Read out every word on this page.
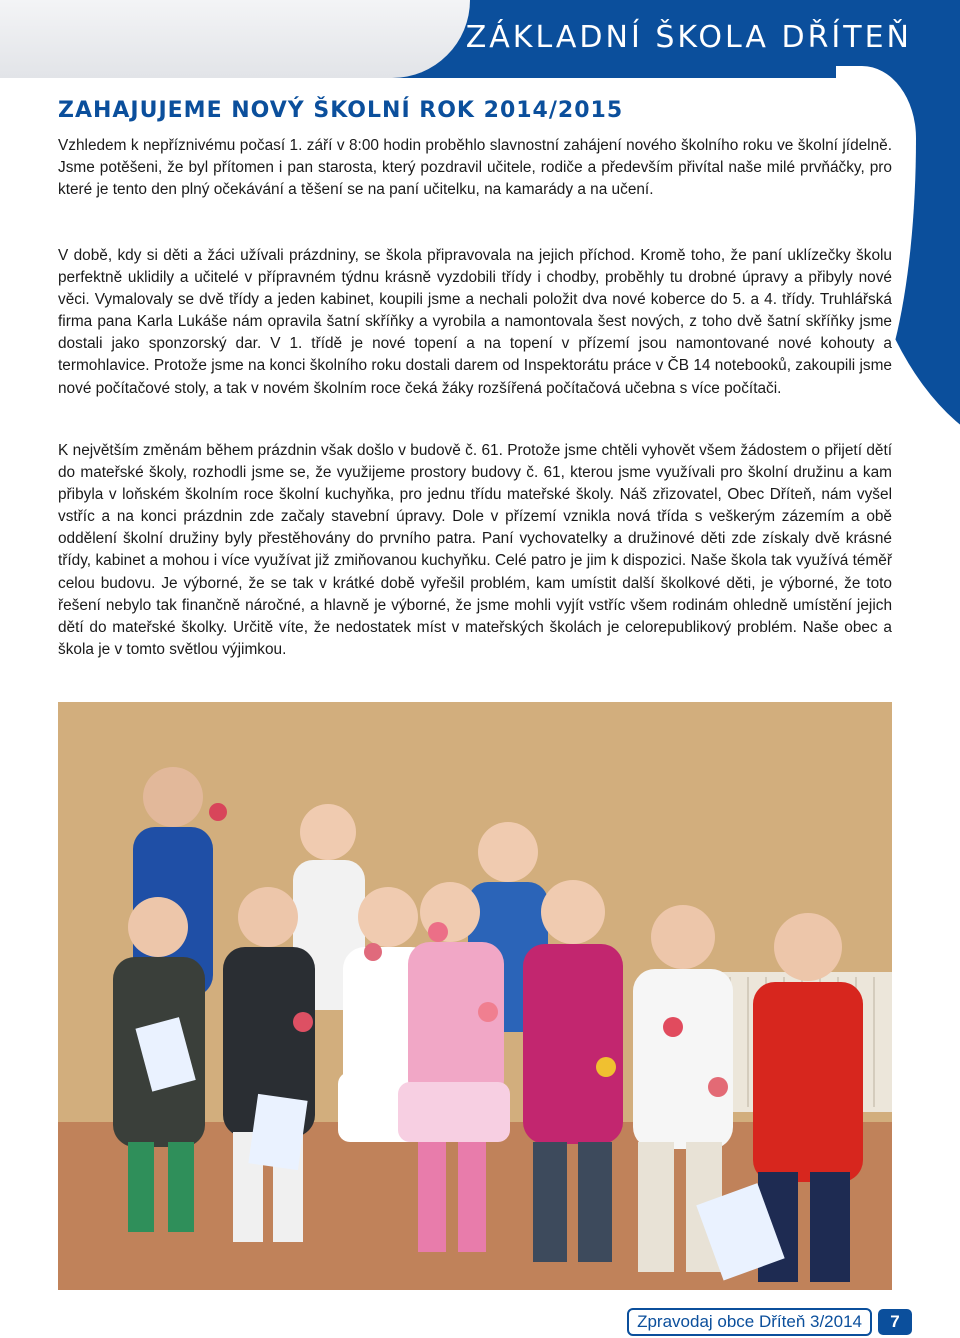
ZÁKLADNÍ ŠKOLA DŘÍTEŇ
ZAHAJUJEME NOVÝ ŠKOLNÍ ROK 2014/2015

Vzhledem k nepříznivému počasí 1. září v 8:00 hodin proběhlo slavnostní zahájení nového školního roku ve školní jídelně. Jsme potěšeni, že byl přítomen i pan starosta, který pozdravil učitele, rodiče a především přivítal naše milé prvňáčky, pro které je tento den plný očekávání a těšení se na paní učitelku, na kamarády a na učení.

V době, kdy si děti a žáci užívali prázdniny, se škola připravovala na jejich příchod. Kromě toho, že paní uklízečky školu perfektně uklidily a učitelé v přípravném týdnu krásně vyzdobili třídy i chodby, proběhly tu drobné úpravy a přibyly nové věci. Vymalovaly se dvě třídy a jeden kabinet, koupili jsme a nechali položit dva nové koberce do 5. a 4. třídy. Truhlářská firma pana Karla Lukáše nám opravila šatní skříňky a vyrobila a namontovala šest nových, z toho dvě šatní skříňky jsme dostali jako sponzorský dar. V 1. třídě je nové topení a na topení v přízemí jsou namontované nové kohouty a termohlavice. Protože jsme na konci školního roku dostali darem od Inspektorátu práce v ČB 14 notebooků, zakoupili jsme nové počítačové stoly, a tak v novém školním roce čeká žáky rozšířená počítačová učebna s více počítači.

K největším změnám během prázdnin však došlo v budově č. 61. Protože jsme chtěli vyhovět všem žádostem o přijetí dětí do mateřské školy, rozhodli jsme se, že využijeme prostory budovy č. 61, kterou jsme využívali pro školní družinu a kam přibyla v loňském školním roce školní kuchyňka, pro jednu třídu mateřské školy. Náš zřizovatel, Obec Dříteň, nám vyšel vstříc a na konci prázdnin zde začaly stavební úpravy. Dole v přízemí vznikla nová třída s veškerým zázemím a obě oddělení školní družiny byly přestěhovány do prvního patra. Paní vychovatelky a družinové děti zde získaly dvě krásné třídy, kabinet a mohou i více využívat již zmiňovanou kuchyňku. Celé patro je jim k dispozici. Naše škola tak využívá téměř celou budovu. Je výborné, že se tak v krátké době vyřešil problém, kam umístit další školkové děti, je výborné, že toto řešení nebylo tak finančně náročné, a hlavně je výborné, že jsme mohli vyjít vstříc všem rodinám ohledně umístění jejich dětí do mateřské školky. Určitě víte, že nedostatek míst v mateřských školách je celorepublikový problém. Naše obec a škola je v tomto světlou výjimkou.

Zpravodaj obce Dříteň 3/2014	7
